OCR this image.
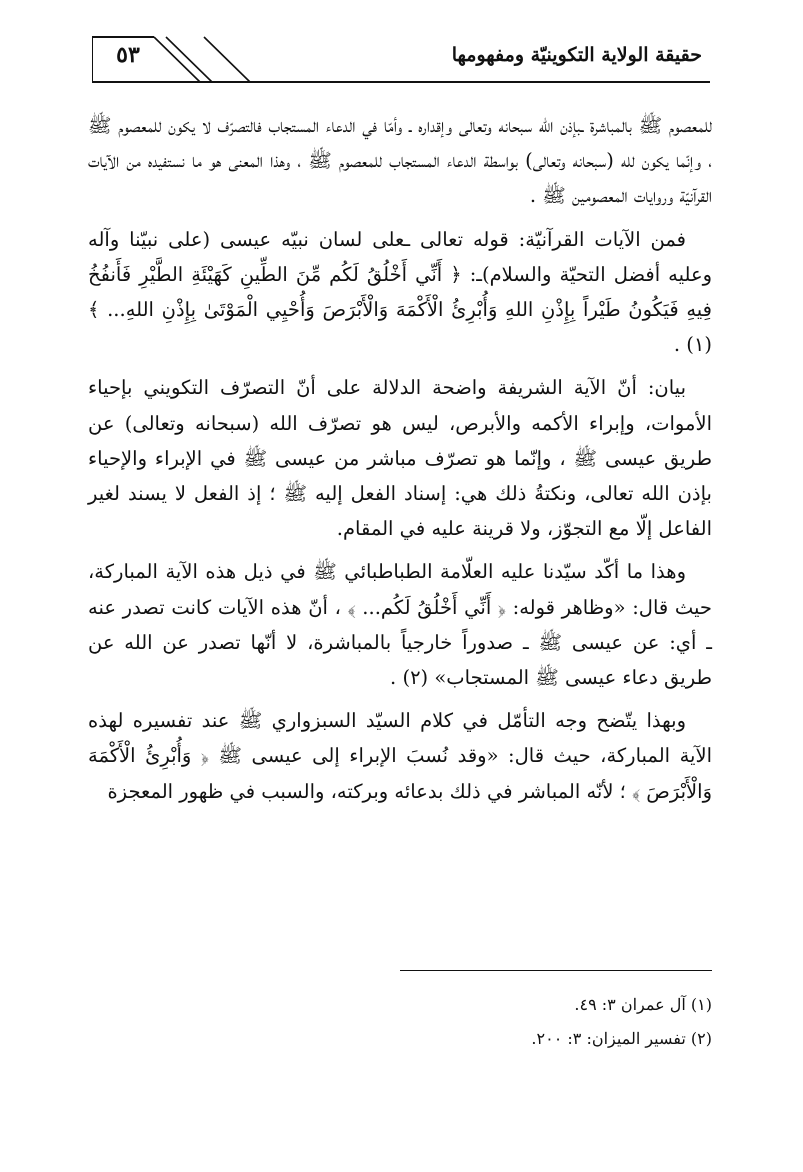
٥٣	حقيقة الولاية التكوينيّة ومفهومها

للمعصوم ﷺ بالمباشرة ـبإذن الله سبحانه وتعالى وإقداره ـ وأمّا في الدعاء المستجاب فالتصرّف لا يكون للمعصوم ﷺ ، وإنّما يكون لله (سبحانه وتعالى) بواسطة الدعاء المستجاب للمعصوم ﷺ ، وهذا المعنى هو ما نستفيده من الآيات القرآنيّة وروايات المعصومين ﷺ .

فمن الآيات القرآنيّة: قوله تعالى ـعلى لسان نبيّه عيسى (على نبيّنا وآله وعليه أفضل التحيّة والسلام)ـ: ﴿ أَنِّي أَخْلُقُ لَكُم مِّنَ الطِّينِ كَهَيْئَةِ الطَّيْرِ فَأَنفُخُ فِيهِ فَيَكُونُ طَيْراً بِإِذْنِ اللهِ وَأُبْرِئُ الْأَكْمَهَ وَالْأَبْرَصَ وَأُحْيِي الْمَوْتَىٰ بِإِذْنِ اللهِ... ﴾ (١) .

بيان: أنّ الآية الشريفة واضحة الدلالة على أنّ التصرّف التكويني بإحياء الأموات، وإبراء الأكمه والأبرص، ليس هو تصرّف الله (سبحانه وتعالى) عن طريق عيسى ﷺ ، وإنّما هو تصرّف مباشر من عيسى ﷺ في الإبراء والإحياء بإذن الله تعالى، ونكتةُ ذلك هي: إسناد الفعل إليه ﷺ ؛ إذ الفعل لا يسند لغير الفاعل إلّا مع التجوّز، ولا قرينة عليه في المقام.

وهذا ما أكّد سيّدنا عليه العلّامة الطباطبائي ﷺ في ذيل هذه الآية المباركة، حيث قال: «وظاهر قوله: ﴿ أَنِّي أَخْلُقُ لَكُم... ﴾ ، أنّ هذه الآيات كانت تصدر عنه ـ أي: عن عيسى ﷺ ـ صدوراً خارجياً بالمباشرة، لا أنّها تصدر عن الله عن طريق دعاء عيسى ﷺ المستجاب» (٢) .

وبهذا يتّضح وجه التأمّل في كلام السيّد السبزواري ﷺ عند تفسيره لهذه الآية المباركة، حيث قال: «وقد نُسبَ الإبراء إلى عيسى ﷺ ﴿ وَأُبْرِئُ الْأَكْمَهَ وَالْأَبْرَصَ ﴾ ؛ لأنّه المباشر في ذلك بدعائه وبركته، والسبب في ظهور المعجزة

(١) آل عمران ٣: ٤٩.

(٢) تفسير الميزان: ٣: ٢٠٠.
